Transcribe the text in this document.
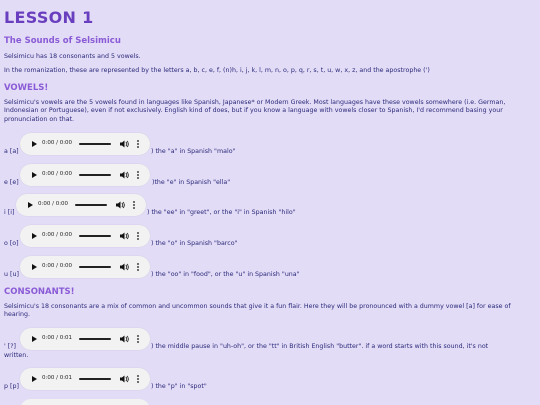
LESSON 1
The Sounds of Selsimicu
Selsimicu has 18 consonants and 5 vowels.
In the romanization, these are represented by the letters a, b, c, e, f, (n)h, i, j, k, l, m, n, o, p, q, r, s, t, u, w, x, z, and the apostrophe (')
VOWELS!
Selsimicu's vowels are the 5 vowels found in languages like Spanish, Japanese* or Modern Greek. Most languages have these vowels somewhere (i.e. German, Indonesian or Portuguese), even if not exclusively. English kind of does, but if you know a language with vowels closer to Spanish, I'd recommend basing your pronunciation on that.
0:00 / 0:00
a [a]	) the "a" in Spanish "malo"
0:00 / 0:00
e [e]	)the "e" in Spanish "ella"
0:00 / 0:00
i [i]	) the "ee" in "greet", or the "i" in Spanish "hilo"
0:00 / 0:00
o [o]	) the "o" in Spanish "barco"
0:00 / 0:00
u [u]	) the "oo" in "food", or the "u" in Spanish "una"
CONSONANTS!
Selsimicu's 18 consonants are a mix of common and uncommon sounds that give it a fun flair. Here they will be pronounced with a dummy vowel [a] for ease of hearing.
0:00 / 0:01
' [?]	) the middle pause in "uh-oh", or the "tt" in British English "butter". if a word starts with this sound, it's not
written.
0:00 / 0:01
p [p]	) the "p" in "spot"
